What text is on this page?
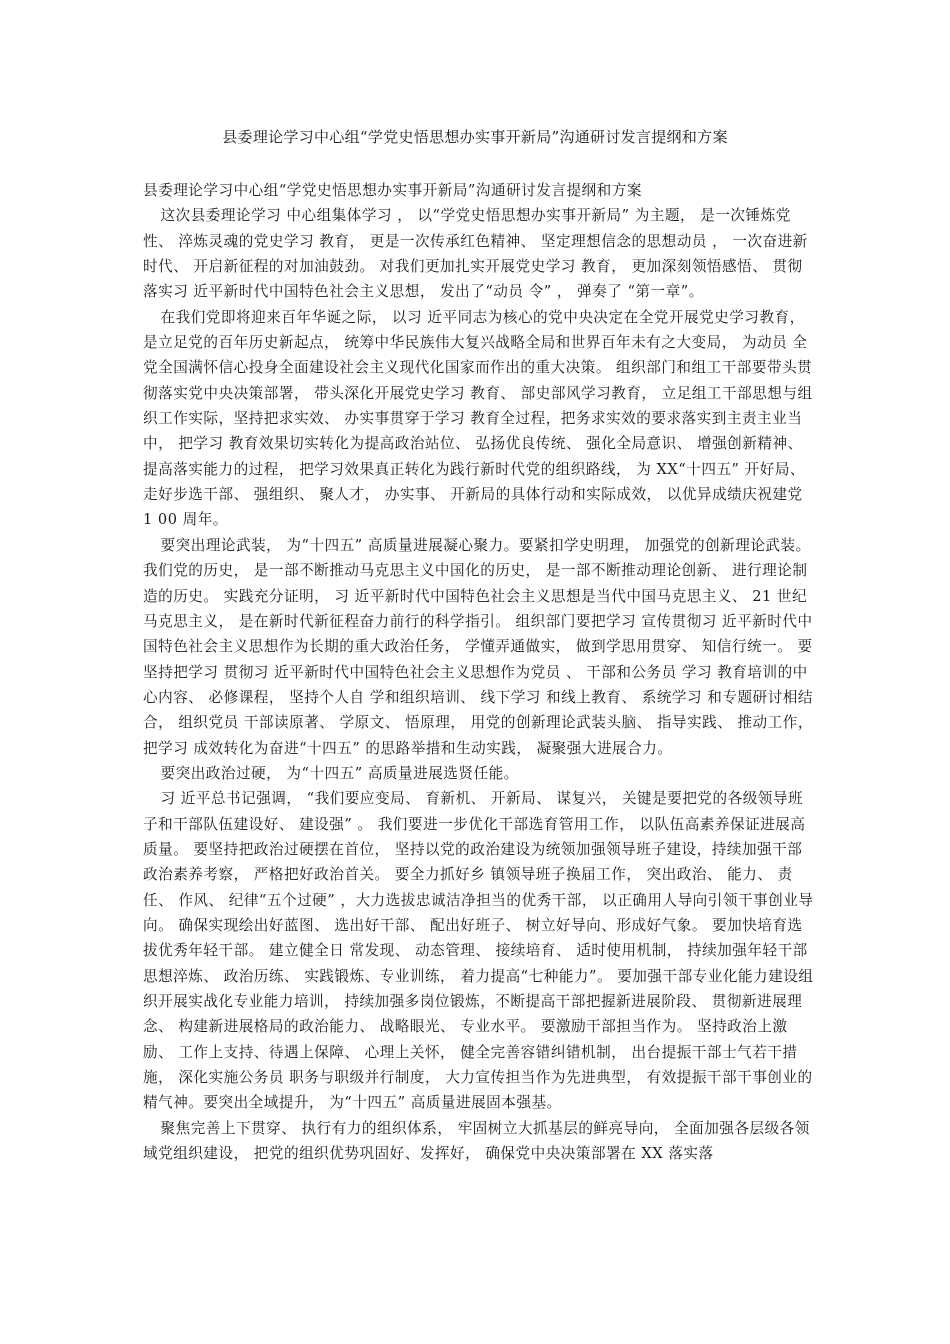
县委理论学习中心组“学党史悟思想办实事开新局”沟通研讨发言提纲和方案

县委理论学习中心组“学党史悟思想办实事开新局”沟通研讨发言提纲和方案

这次县委理论学习 中心组集体学习 ， 以“学党史悟思想办实事开新局” 为主题， 是一次锤炼党性、 淬炼灵魂的党史学习 教育， 更是一次传承红色精神、 坚定理想信念的思想动员 ， 一次奋进新时代、 开启新征程的对加油鼓劲。 对我们更加扎实开展党史学习 教育， 更加深刻领悟感悟、 贯彻落实习 近平新时代中国特色社会主义思想， 发出了“动员 令” ， 弹奏了 “第一章”。

在我们党即将迎来百年华诞之际， 以习 近平同志为核心的党中央决定在全党开展党史学习教育， 是立足党的百年历史新起点， 统筹中华民族伟大复兴战略全局和世界百年未有之大变局， 为动员 全党全国满怀信心投身全面建设社会主义现代化国家而作出的重大决策。 组织部门和组工干部要带头贯彻落实党中央决策部署， 带头深化开展党史学习 教育、 部史部风学习教育， 立足组工干部思想与组织工作实际，坚持把求实效、 办实事贯穿于学习 教育全过程，把务求实效的要求落实到主责主业当中， 把学习 教育效果切实转化为提高政治站位、 弘扬优良传统、 强化全局意识、 增强创新精神、 提高落实能力的过程， 把学习效果真正转化为践行新时代党的组织路线， 为 XX“十四五” 开好局、 走好步选干部、 强组织、 聚人才， 办实事、 开新局的具体行动和实际成效， 以优异成绩庆祝建党 1 00 周年。

要突出理论武装， 为“十四五” 高质量进展凝心聚力。要紧扣学史明理， 加强党的创新理论武装。 我们党的历史， 是一部不断推动马克思主义中国化的历史， 是一部不断推动理论创新、 进行理论制造的历史。 实践充分证明， 习 近平新时代中国特色社会主义思想是当代中国马克思主义、 21 世纪马克思主义， 是在新时代新征程奋力前行的科学指引。 组织部门要把学习 宣传贯彻习 近平新时代中国特色社会主义思想作为长期的重大政治任务， 学懂弄通做实， 做到学思用贯穿、 知信行统一。 要坚持把学习 贯彻习 近平新时代中国特色社会主义思想作为党员 、 干部和公务员 学习 教育培训的中心内容、 必修课程， 坚持个人自 学和组织培训、 线下学习 和线上教育、 系统学习 和专题研讨相结合， 组织党员 干部读原著、 学原文、 悟原理， 用党的创新理论武装头脑、 指导实践、 推动工作， 把学习 成效转化为奋进“十四五” 的思路举措和生动实践， 凝聚强大进展合力。

要突出政治过硬， 为“十四五” 高质量进展选贤任能。

习 近平总书记强调， “我们要应变局、 育新机、 开新局、 谋复兴， 关键是要把党的各级领导班子和干部队伍建设好、 建设强” 。 我们要进一步优化干部选育管用工作， 以队伍高素养保证进展高质量。 要坚持把政治过硬摆在首位， 坚持以党的政治建设为统领加强领导班子建设，持续加强干部政治素养考察， 严格把好政治首关。 要全力抓好乡 镇领导班子换届工作， 突出政治、 能力、 责任、 作风、 纪律“五个过硬” ，大力选拔忠诚洁净担当的优秀干部， 以正确用人导向引领干事创业导向。 确保实现绘出好蓝图、 选出好干部、 配出好班子、 树立好导向、形成好气象。 要加快培育选拔优秀年轻干部。 建立健全日 常发现、 动态管理、 接续培育、 适时使用机制， 持续加强年轻干部思想淬炼、 政治历练、 实践锻炼、专业训练， 着力提高“七种能力”。 要加强干部专业化能力建设组织开展实战化专业能力培训， 持续加强多岗位锻炼，不断提高干部把握新进展阶段、 贯彻新进展理念、 构建新进展格局的政治能力、 战略眼光、 专业水平。 要激励干部担当作为。 坚持政治上激励、 工作上支持、待遇上保障、 心理上关怀， 健全完善容错纠错机制， 出台提振干部士气若干措施， 深化实施公务员 职务与职级并行制度， 大力宣传担当作为先进典型， 有效提振干部干事创业的精气神。要突出全域提升， 为“十四五” 高质量进展固本强基。

聚焦完善上下贯穿、 执行有力的组织体系， 牢固树立大抓基层的鲜亮导向， 全面加强各层级各领域党组织建设， 把党的组织优势巩固好、发挥好， 确保党中央决策部署在 XX 落实落
